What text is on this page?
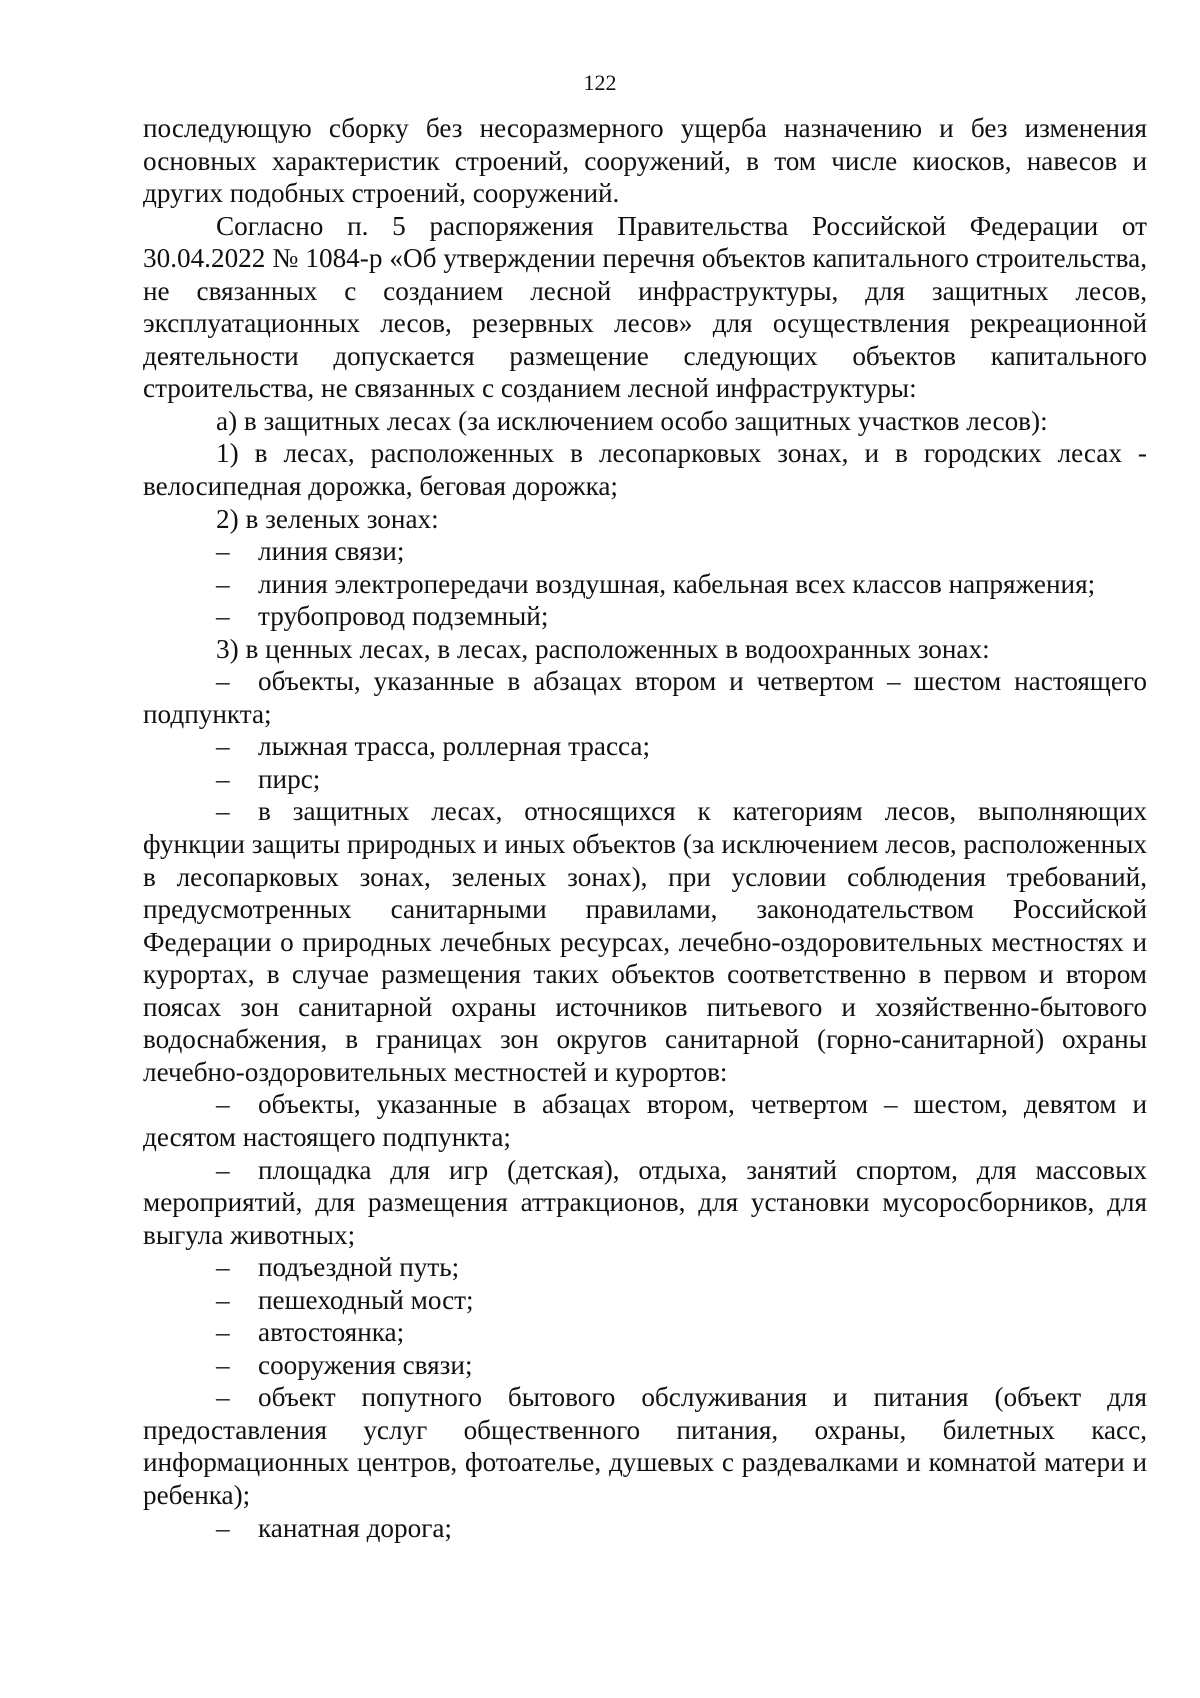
122

последующую сборку без несоразмерного ущерба назначению и без изменения основных характеристик строений, сооружений, в том числе киосков, навесов и других подобных строений, сооружений.

Согласно п. 5 распоряжения Правительства Российской Федерации от 30.04.2022 № 1084-р «Об утверждении перечня объектов капитального строительства, не связанных с созданием лесной инфраструктуры, для защитных лесов, эксплуатационных лесов, резервных лесов» для осуществления рекреационной деятельности допускается размещение следующих объектов капитального строительства, не связанных с созданием лесной инфраструктуры:

а) в защитных лесах (за исключением особо защитных участков лесов):

1) в лесах, расположенных в лесопарковых зонах, и в городских лесах - велосипедная дорожка, беговая дорожка;

2) в зеленых зонах:

– линия связи;

– линия электропередачи воздушная, кабельная всех классов напряжения;

– трубопровод подземный;

3) в ценных лесах, в лесах, расположенных в водоохранных зонах:

– объекты, указанные в абзацах втором и четвертом – шестом настоящего подпункта;

– лыжная трасса, роллерная трасса;

– пирс;

– в защитных лесах, относящихся к категориям лесов, выполняющих функции защиты природных и иных объектов (за исключением лесов, расположенных в лесопарковых зонах, зеленых зонах), при условии соблюдения требований, предусмотренных санитарными правилами, законодательством Российской Федерации о природных лечебных ресурсах, лечебно-оздоровительных местностях и курортах, в случае размещения таких объектов соответственно в первом и втором поясах зон санитарной охраны источников питьевого и хозяйственно-бытового водоснабжения, в границах зон округов санитарной (горно-санитарной) охраны лечебно-оздоровительных местностей и курортов:

– объекты, указанные в абзацах втором, четвертом – шестом, девятом и десятом настоящего подпункта;

– площадка для игр (детская), отдыха, занятий спортом, для массовых мероприятий, для размещения аттракционов, для установки мусоросборников, для выгула животных;

– подъездной путь;

– пешеходный мост;

– автостоянка;

– сооружения связи;

– объект попутного бытового обслуживания и питания (объект для предоставления услуг общественного питания, охраны, билетных касс, информационных центров, фотоателье, душевых с раздевалками и комнатой матери и ребенка);

– канатная дорога;
